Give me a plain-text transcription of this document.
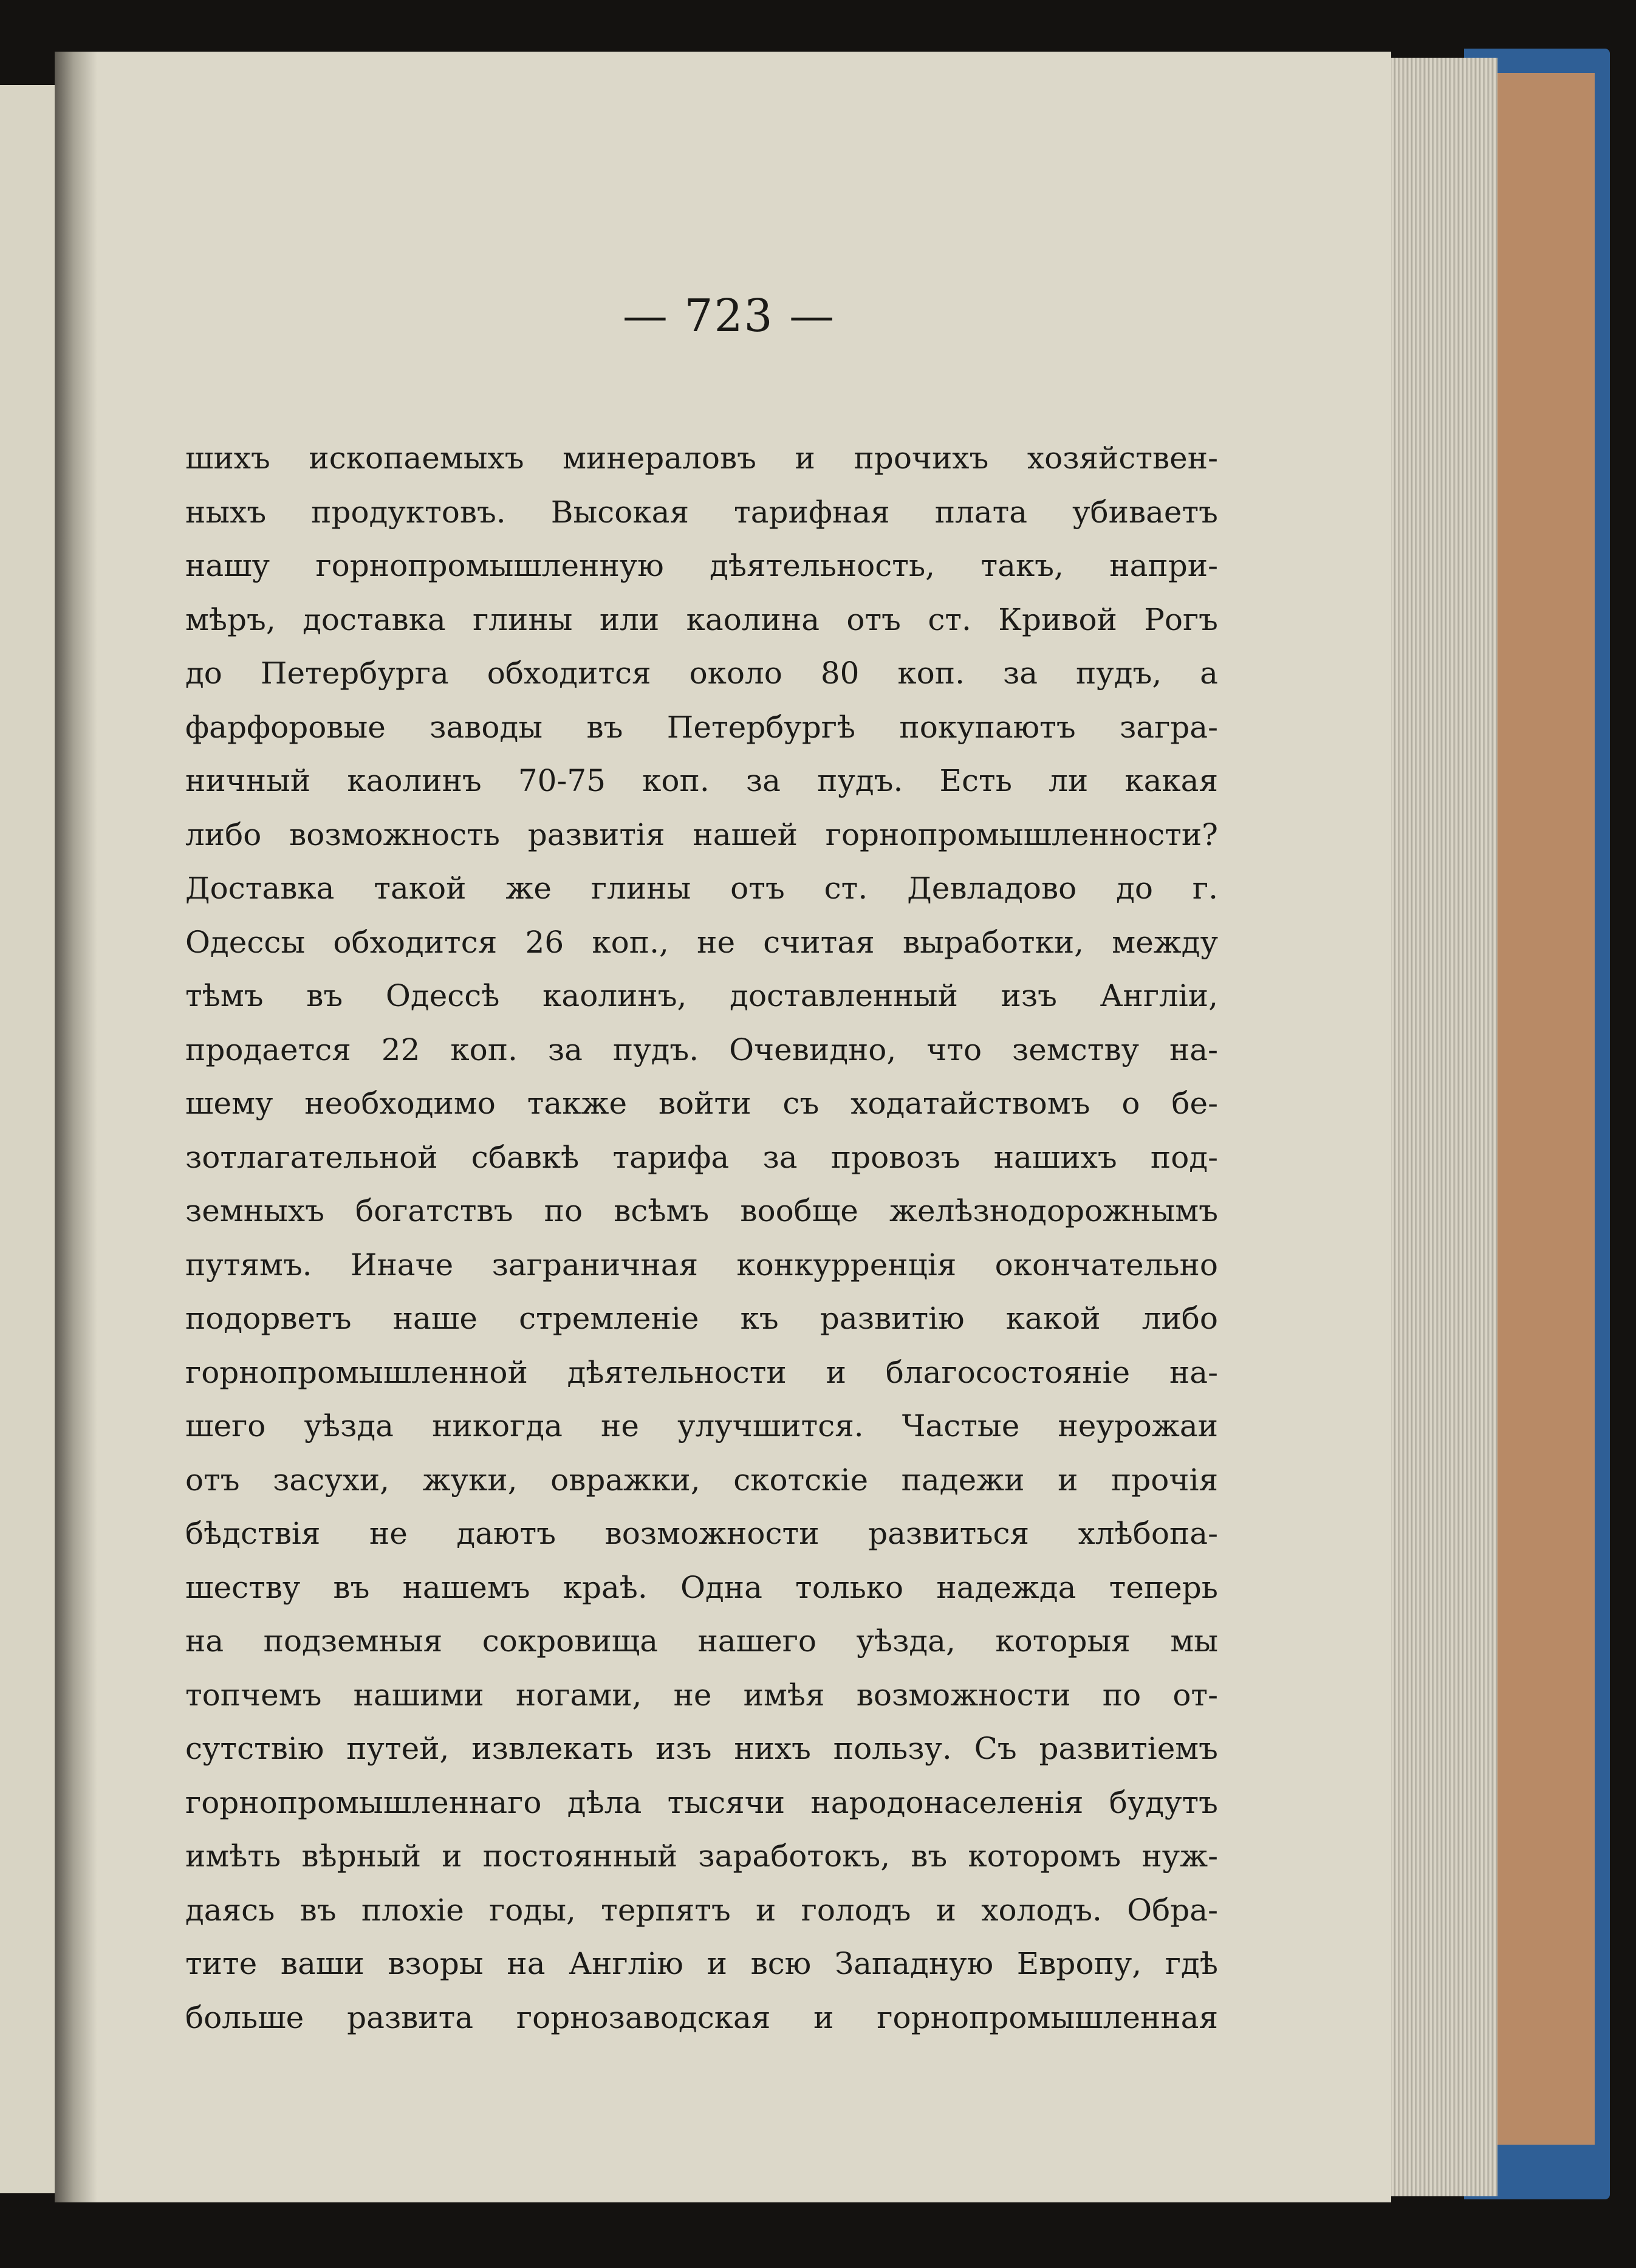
— 723 —
шихъ ископаемыхъ минераловъ и прочихъ хозяйствен-
ныхъ продуктовъ. Высокая тарифная плата убиваетъ
нашу горнопромышленную дѣятельность, такъ, напри-
мѣръ, доставка глины или каолина отъ ст. Кривой Рогъ
до Петербурга обходится около 80 коп. за пудъ, а
фарфоровые заводы въ Петербургѣ покупаютъ загра-
ничный каолинъ 70-75 коп. за пудъ. Есть ли какая
либо возможность развитія нашей горнопромышленности?
Доставка такой же глины отъ ст. Девладово до г.
Одессы обходится 26 коп., не считая выработки, между
тѣмъ въ Одессѣ каолинъ, доставленный изъ Англіи,
продается 22 коп. за пудъ. Очевидно, что земству на-
шему необходимо также войти съ ходатайствомъ о бе-
зотлагательной сбавкѣ тарифа за провозъ нашихъ под-
земныхъ богатствъ по всѣмъ вообще желѣзнодорожнымъ
путямъ. Иначе заграничная конкурренція окончательно
подорветъ наше стремленіе къ развитію какой либо
горнопромышленной дѣятельности и благосостояніе на-
шего уѣзда никогда не улучшится. Частые неурожаи
отъ засухи, жуки, овражки, скотскіе падежи и прочія
бѣдствія не даютъ возможности развиться хлѣбопа-
шеству въ нашемъ краѣ. Одна только надежда теперь
на подземныя сокровища нашего уѣзда, которыя мы
топчемъ нашими ногами, не имѣя возможности по от-
сутствію путей, извлекать изъ нихъ пользу. Съ развитіемъ
горнопромышленнаго дѣла тысячи народонаселенія будутъ
имѣть вѣрный и постоянный заработокъ, въ которомъ нуж-
даясь въ плохіе годы, терпятъ и голодъ и холодъ. Обра-
тите ваши взоры на Англію и всю Западную Европу, гдѣ
больше развита горнозаводская и горнопромышленная
